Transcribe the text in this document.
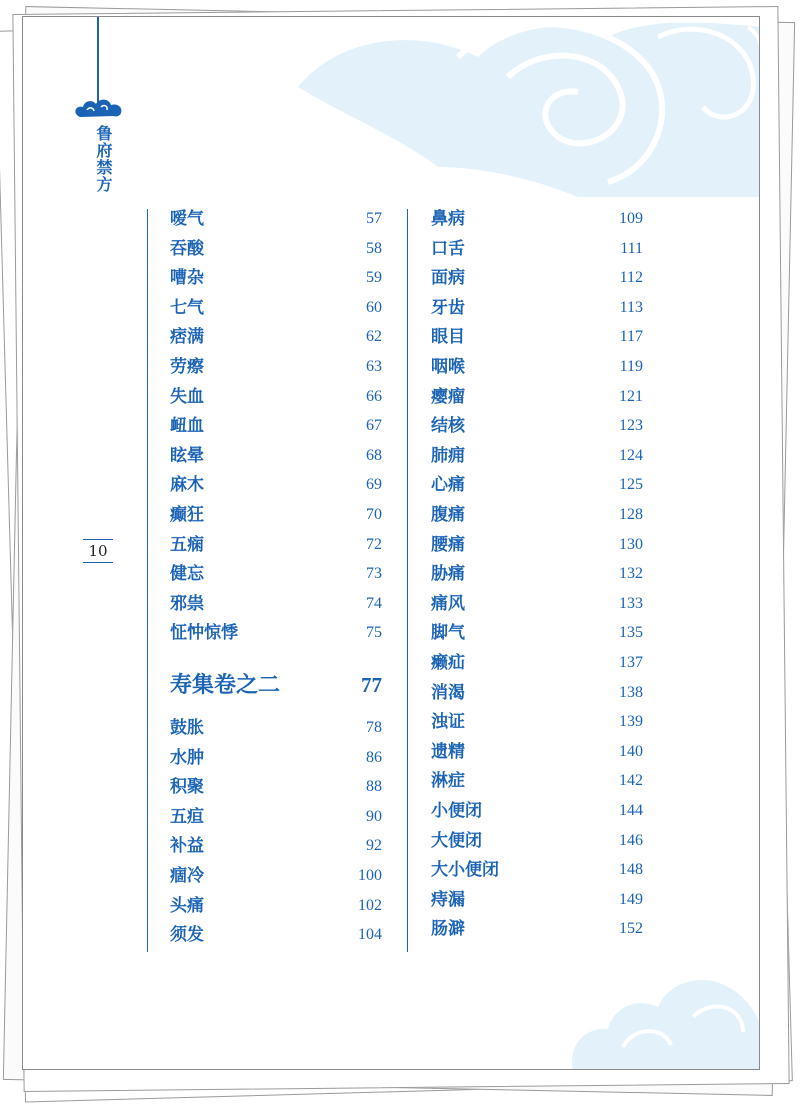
鲁府禁方
10
嗳气	57
吞酸	58
嘈杂	59
七气	60
痞满	62
劳瘵	63
失血	66
衄血	67
眩晕	68
麻木	69
癫狂	70
五痫	72
健忘	73
邪祟	74
怔忡惊悸	75
寿集卷之二	77
鼓胀	78
水肿	86
积聚	88
五疸	90
补益	92
痼冷	100
头痛	102
须发	104
鼻病	109
口舌	111
面病	112
牙齿	113
眼目	117
咽喉	119
瘿瘤	121
结核	123
肺痈	124
心痛	125
腹痛	128
腰痛	130
胁痛	132
痛风	133
脚气	135
癞疝	137
消渴	138
浊证	139
遗精	140
淋症	142
小便闭	144
大便闭	146
大小便闭	148
痔漏	149
肠澼	152
